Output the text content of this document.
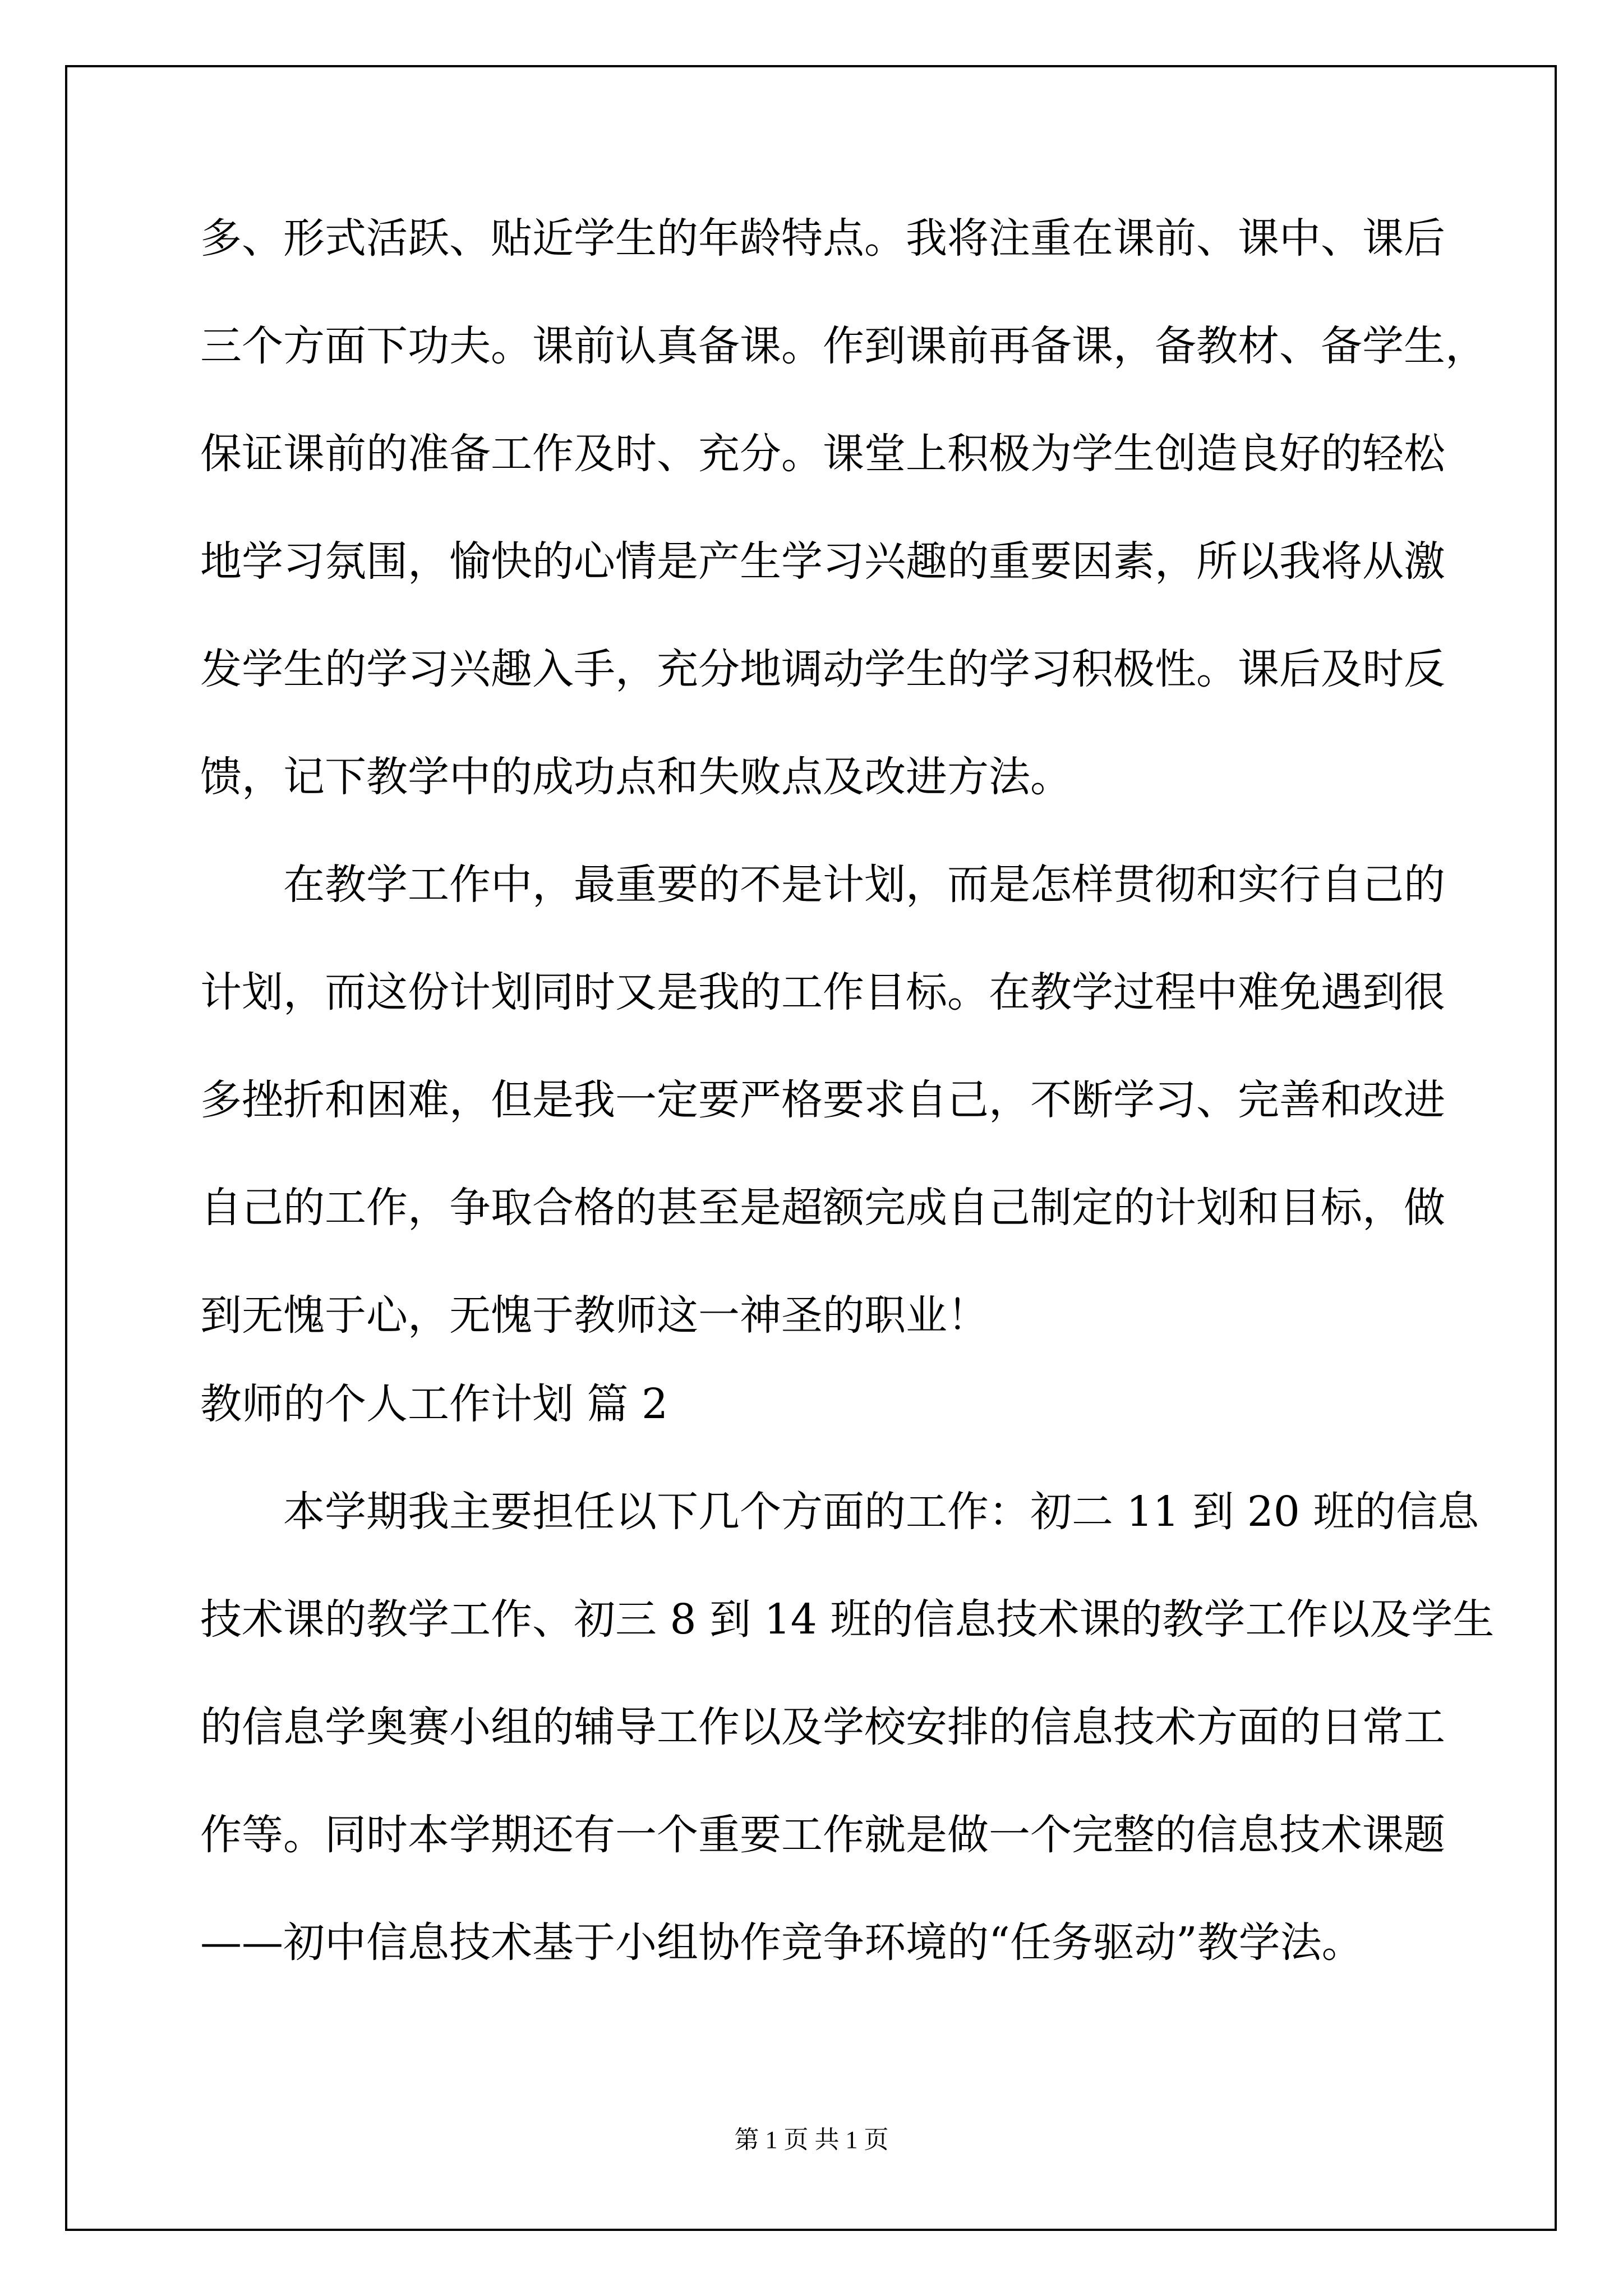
多、形式活跃、贴近学生的年龄特点。我将注重在课前、课中、课后
三个方面下功夫。课前认真备课。作到课前再备课，备教材、备学生，
保证课前的准备工作及时、充分。课堂上积极为学生创造良好的轻松
地学习氛围，愉快的心情是产生学习兴趣的重要因素，所以我将从激
发学生的学习兴趣入手，充分地调动学生的学习积极性。课后及时反
馈，记下教学中的成功点和失败点及改进方法。
在教学工作中，最重要的不是计划，而是怎样贯彻和实行自己的
计划，而这份计划同时又是我的工作目标。在教学过程中难免遇到很
多挫折和困难，但是我一定要严格要求自己，不断学习、完善和改进
自己的工作，争取合格的甚至是超额完成自己制定的计划和目标，做
到无愧于心，无愧于教师这一神圣的职业！
教师的个人工作计划 篇 2
本学期我主要担任以下几个方面的工作：初二 11 到 20 班的信息
技术课的教学工作、初三 8 到 14 班的信息技术课的教学工作以及学生
的信息学奥赛小组的辅导工作以及学校安排的信息技术方面的日常工
作等。同时本学期还有一个重要工作就是做一个完整的信息技术课题
——初中信息技术基于小组协作竞争环境的“任务驱动”教学法。
第 1 页 共 1 页
